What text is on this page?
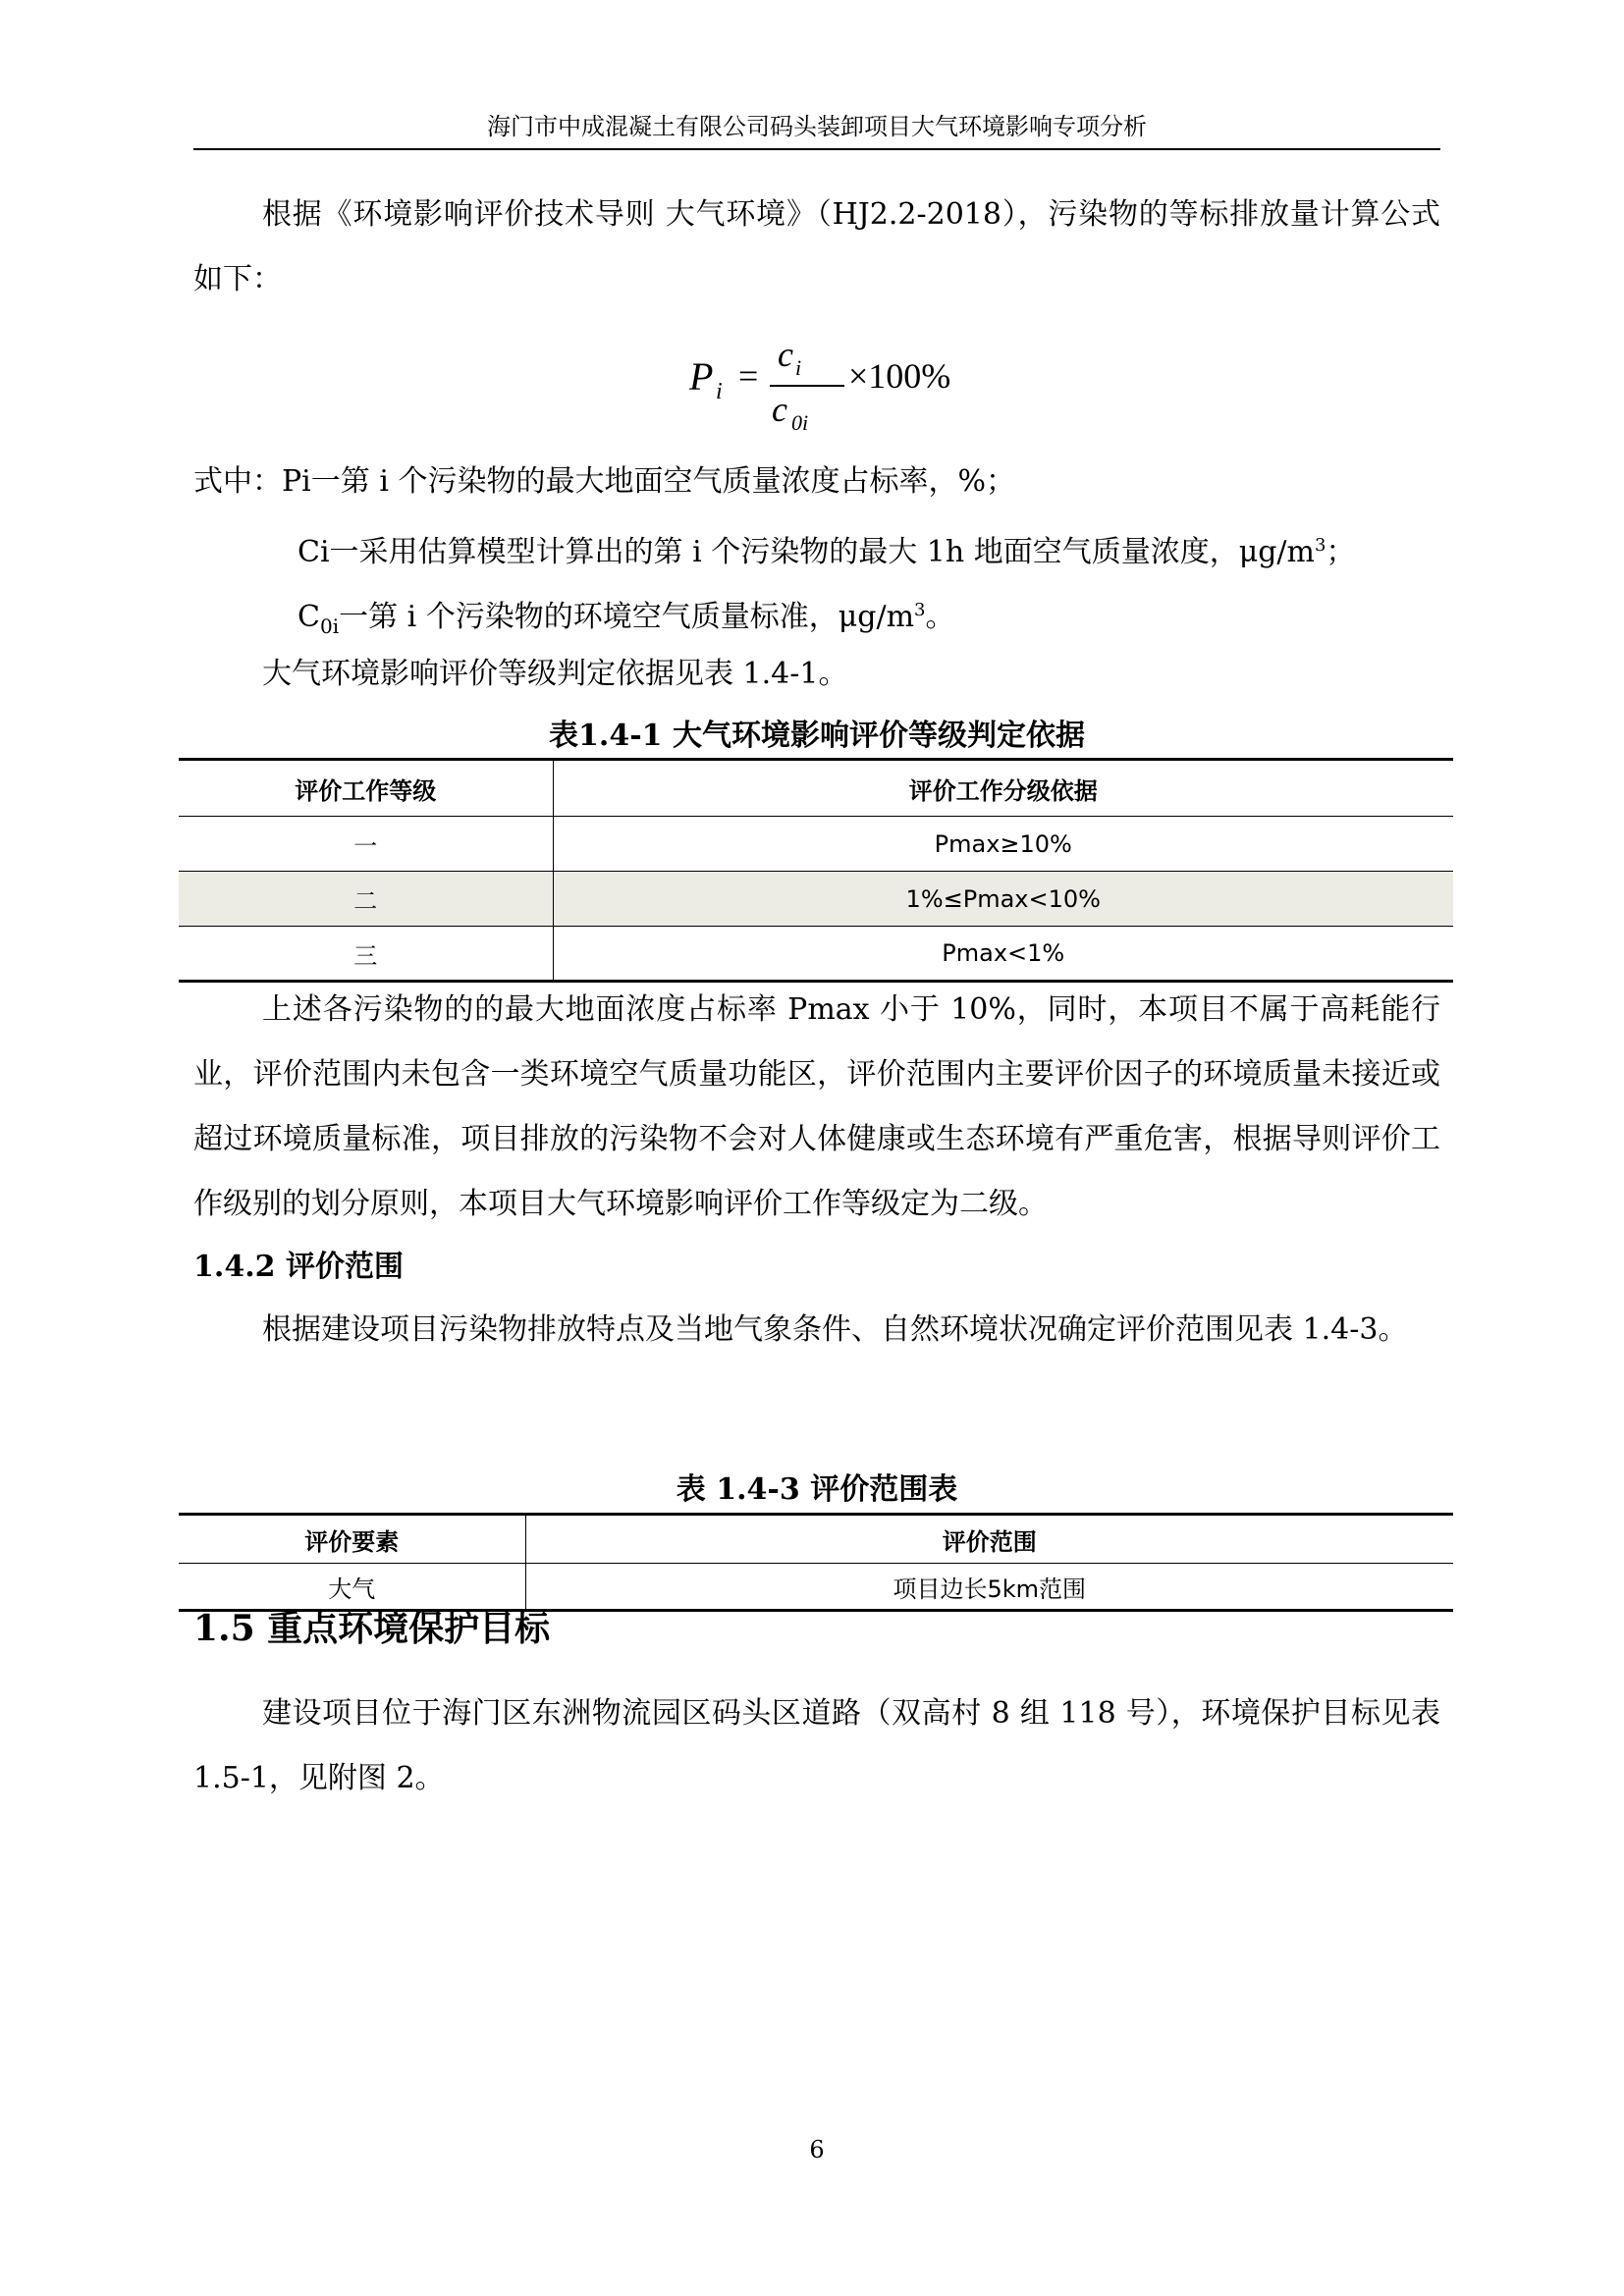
海门市中成混凝土有限公司码头装卸项目大气环境影响专项分析
根据《环境影响评价技术导则 大气环境》（HJ2.2-2018），污染物的等标排放量计算公式如下：
P i =
c i
c 0i
×100%
式中：Pi一第 i 个污染物的最大地面空气质量浓度占标率，%；
Ci一采用估算模型计算出的第 i 个污染物的最大 1h 地面空气质量浓度，$\mu g/m^3$；
$C_{0i}$一第 i 个污染物的环境空气质量标准，$\mu g/m^3$。
大气环境影响评价等级判定依据见表 1.4-1。
表1.4-1 大气环境影响评价等级判定依据
评价工作等级	评价工作分级依据
一	Pmax≥10%
二	1%≤Pmax<10%
三	Pmax<1%
上述各污染物的的最大地面浓度占标率 Pmax 小于 10%，同时，本项目不属于高耗能行业，评价范围内未包含一类环境空气质量功能区，评价范围内主要评价因子的环境质量未接近或超过环境质量标准，项目排放的污染物不会对人体健康或生态环境有严重危害，根据导则评价工作级别的划分原则，本项目大气环境影响评价工作等级定为二级。
1.4.2 评价范围
根据建设项目污染物排放特点及当地气象条件、自然环境状况确定评价范围见表 1.4-3。
表 1.4-3 评价范围表
评价要素	评价范围
大气	项目边长5km范围
1.5 重点环境保护目标
建设项目位于海门区东洲物流园区码头区道路（双高村 8 组 118 号），环境保护目标见表 1.5-1，见附图 2。
6
